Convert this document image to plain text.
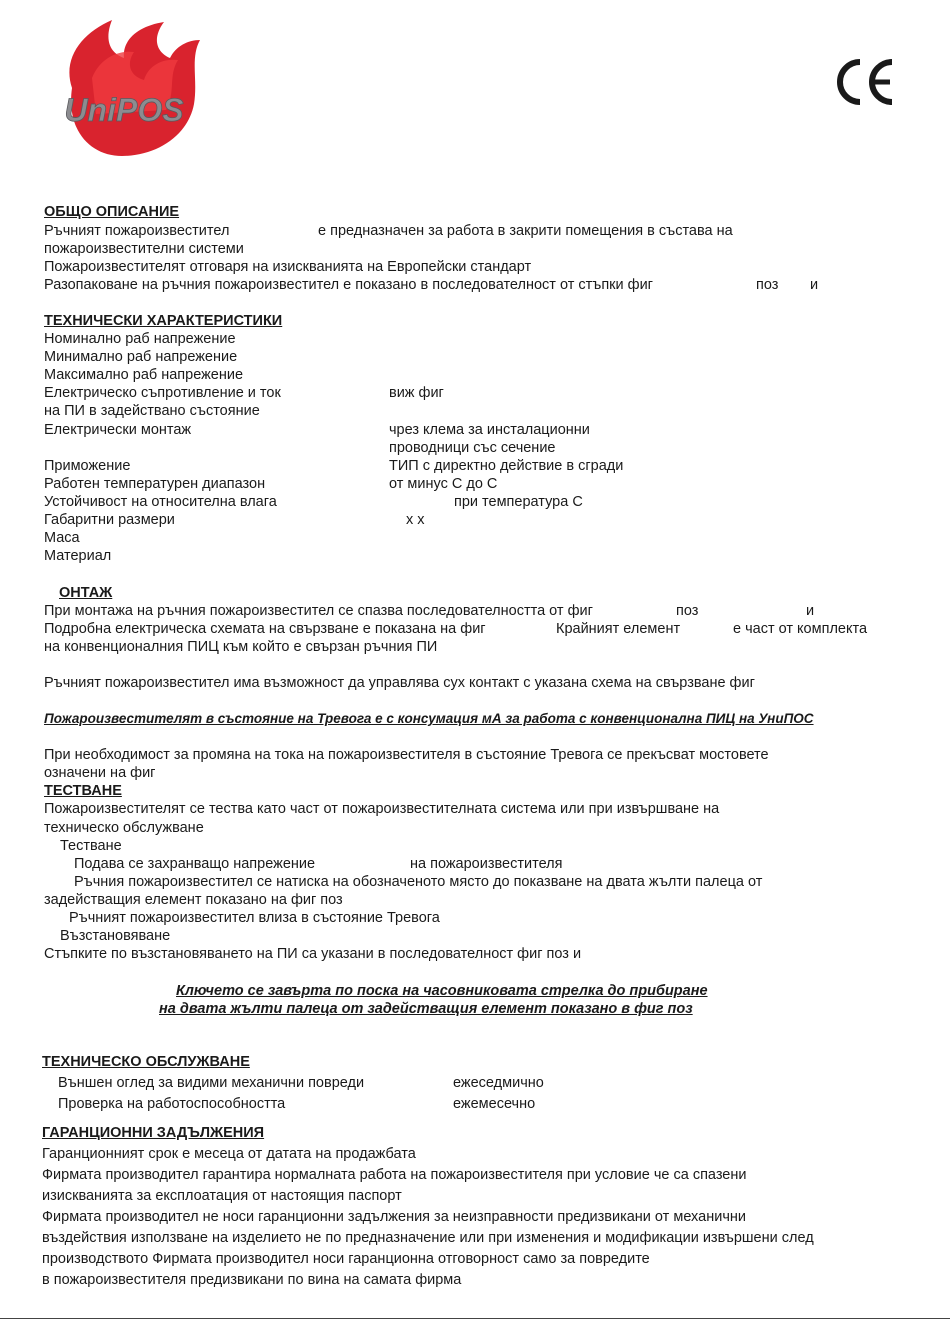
UniPOS
ОБЩО ОПИСАНИЕ
Ръчният пожароизвестител	е предназначен за работа в закрити помещения в състава на
пожароизвестителни системи
Пожароизвестителят отговаря на изискванията на Европейски стандарт
Разопаковане на ръчния пожароизвестител е показано в последователност от стъпки фиг	поз и
ТЕХНИЧЕСКИ ХАРАКТЕРИСТИКИ
Номинално раб напрежение
Минимално раб напрежение
Максимално раб напрежение
Електрическо съпротивление и ток	виж фиг
на ПИ в задействано състояние
Електрически монтаж	чрез клема за инсталационни
проводници със сечение
Приможение	ТИП с директно действие в сгради
Работен температурен диапазон	от минус С до С
Устойчивост на относителна влага	при температура С
Габаритни размери	х х
Маса
Материал
ОНТАЖ
При монтажа на ръчния пожароизвестител се спазва последователността от фиг	поз	и
Подробна електрическа схемата на свързване е показана на фиг	Крайният елемент	е част от комплекта
на конвенционалния ПИЦ към който е свързан ръчния ПИ
Ръчният пожароизвестител има възможност да управлява сух контакт с указана схема на свързване фиг
Пожароизвестителят в състояние на Тревога е с консумация мА за работа с конвенционална ПИЦ на УниПОС
При необходимост за промяна на тока на пожароизвестителя в състояние Тревога се прекъсват мостовете
означени на фиг
ТЕСТВАНЕ
Пожароизвестителят се тества като част от пожароизвестителната система или при извършване на
техническо обслужване
Тестване
Подава се захранващо напрежение	на пожароизвестителя
Ръчния пожароизвестител се натиска на обозначеното място до показване на двата жълти палеца от
задействащия елемент показано на фиг поз
Ръчният пожароизвестител влиза в състояние Тревога
Възстановяване
Стъпките по възстановяването на ПИ са указани в последователност фиг поз и
Ключето се завърта по поска на часовниковата стрелка до прибиране
на двата жълти палеца от задействащия елемент показано в фиг поз
ТЕХНИЧЕСКО ОБСЛУЖВАНЕ
Външен оглед за видими механични повреди	ежеседмично
Проверка на работоспособността	ежемесечно
ГАРАНЦИОННИ ЗАДЪЛЖЕНИЯ
Гаранционният срок е месеца от датата на продажбата
Фирмата производител гарантира нормалната работа на пожароизвестителя при условие че са спазени
изискванията за експлоатация от настоящия паспорт
Фирмата производител не носи гаранционни задължения за неизправности предизвикани от механични
въздействия използване на изделието не по предназначение или при изменения и модификации извършени след
производството Фирмата производител носи гаранционна отговорност само за повредите
в пожароизвестителя предизвикани по вина на самата фирма
